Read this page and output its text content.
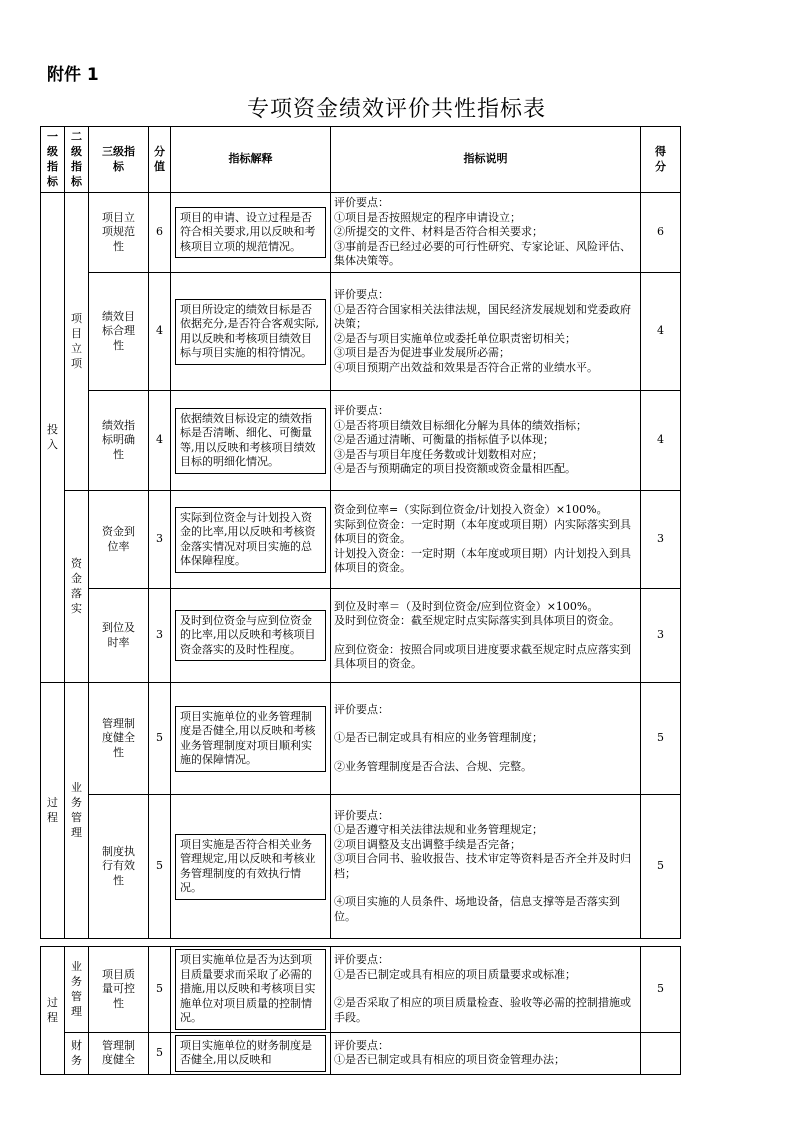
附件 1
专项资金绩效评价共性指标表
一级指标	二级指标	三级指标	分值	指标解释	指标说明	得分
投入	项目立项	项目立项规范性	6	项目的申请、设立过程是否符合相关要求,用以反映和考核项目立项的规范情况。	评价要点：
①项目是否按照规定的程序申请设立；
②所提交的文件、材料是否符合相关要求；
③事前是否已经过必要的可行性研究、专家论证、风险评估、集体决策等。	6
		绩效目标合理性	4	项目所设定的绩效目标是否依据充分,是否符合客观实际,用以反映和考核项目绩效目标与项目实施的相符情况。	评价要点：
①是否符合国家相关法律法规，国民经济发展规划和党委政府决策；
②是否与项目实施单位或委托单位职责密切相关；
③项目是否为促进事业发展所必需；
④项目预期产出效益和效果是否符合正常的业绩水平。	4
		绩效指标明确性	4	依据绩效目标设定的绩效指标是否清晰、细化、可衡量等,用以反映和考核项目绩效目标的明细化情况。	评价要点：
①是否将项目绩效目标细化分解为具体的绩效指标；
②是否通过清晰、可衡量的指标值予以体现；
③是否与项目年度任务数或计划数相对应；
④是否与预期确定的项目投资额或资金量相匹配。	4
	资金落实	资金到位率	3	实际到位资金与计划投入资金的比率,用以反映和考核资金落实情况对项目实施的总体保障程度。	资金到位率=（实际到位资金/计划投入资金）×100%。
实际到位资金：一定时期（本年度或项目期）内实际落实到具体项目的资金。
计划投入资金：一定时期（本年度或项目期）内计划投入到具体项目的资金。	3
		到位及时率	3	及时到位资金与应到位资金的比率,用以反映和考核项目资金落实的及时性程度。	到位及时率＝（及时到位资金/应到位资金）×100%。
及时到位资金：截至规定时点实际落实到具体项目的资金。
应到位资金：按照合同或项目进度要求截至规定时点应落实到具体项目的资金。	3
过程	业务管理	管理制度健全性	5	项目实施单位的业务管理制度是否健全,用以反映和考核业务管理制度对项目顺利实施的保障情况。	评价要点：
①是否已制定或具有相应的业务管理制度；
②业务管理制度是否合法、合规、完整。	5
		制度执行有效性	5	项目实施是否符合相关业务管理规定,用以反映和考核业务管理制度的有效执行情况。	评价要点：
①是否遵守相关法律法规和业务管理规定；
②项目调整及支出调整手续是否完备；
③项目合同书、验收报告、技术审定等资料是否齐全并及时归档；
④项目实施的人员条件、场地设备，信息支撑等是否落实到位。	5

过程	业务管理	项目质量可控性	5	项目实施单位是否为达到项目质量要求而采取了必需的措施,用以反映和考核项目实施单位对项目质量的控制情况。	评价要点：
①是否已制定或具有相应的项目质量要求或标准；
②是否采取了相应的项目质量检查、验收等必需的控制措施或手段。	5
	财务	管理制度健全	5	项目实施单位的财务制度是否健全,用以反映和	评价要点：
①是否已制定或具有相应的项目资金管理办法；	
